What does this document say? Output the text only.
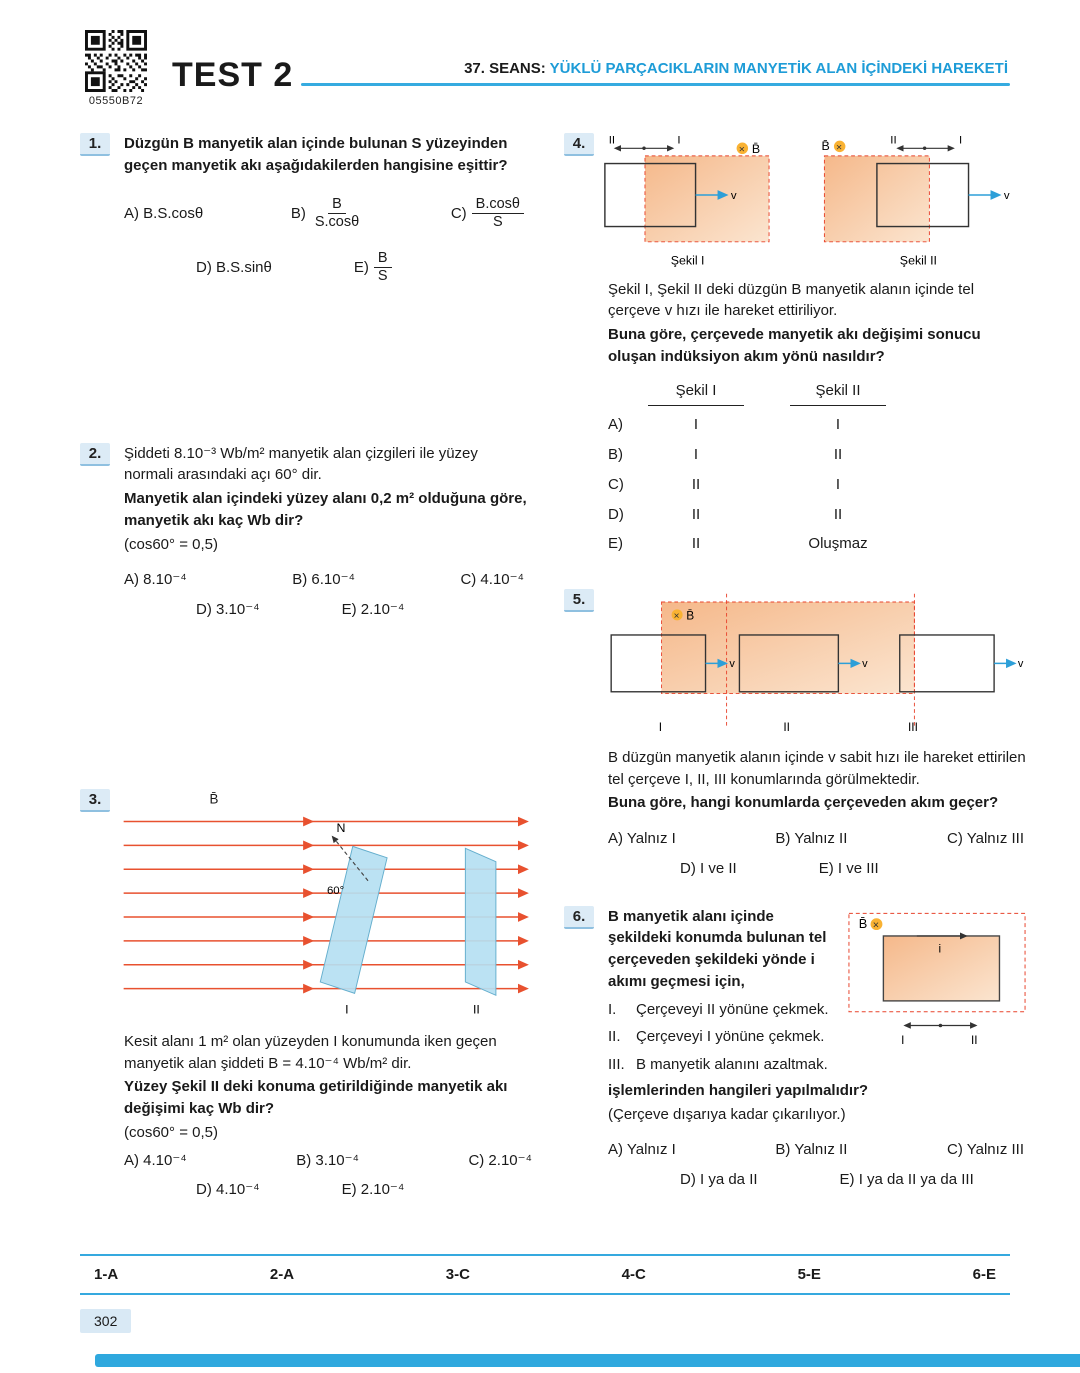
05550B72
TEST 2	37. SEANS: YÜKLÜ PARÇACIKLARIN MANYETİK ALAN İÇİNDEKİ HAREKETİ
1.	Düzgün B manyetik alan içinde bulunan S yüzeyinden geçen manyetik akı aşağıdakilerden hangisine eşittir?
A) B.S.cosθ	$B) \frac{B}{S.\cos\theta}$	$C) \frac{B.\cos\theta}{S}$
D) B.S.sinθ	$E) \frac{B}{S}$
2.	Şiddeti 8.10⁻³ Wb/m² manyetik alan çizgileri ile yüzey normali arasındaki açı 60° dir.
Manyetik alan içindeki yüzey alanı 0,2 m² olduğuna göre, manyetik akı kaç Wb dir?
(cos60° = 0,5)
A) 8.10⁻⁴	B) 6.10⁻⁴	C) 4.10⁻⁴
D) 3.10⁻⁴	E) 2.10⁻⁴
3.	B̄
N
60°
I	II
Kesit alanı 1 m² olan yüzeyden I konumunda iken geçen manyetik alan şiddeti B = 4.10⁻⁴ Wb/m² dir.
Yüzey Şekil II deki konuma getirildiğinde manyetik akı değişimi kaç Wb dir?
(cos60° = 0,5)
A) 4.10⁻⁴	B) 3.10⁻⁴	C) 2.10⁻⁴
D) 4.10⁻⁴	E) 2.10⁻⁴
4.	× B̄
v
II	I
Şekil I
B̄ ×
v
II	I
Şekil II
Şekil I, Şekil II deki düzgün B manyetik alanın içinde tel çerçeve v hızı ile hareket ettiriliyor.
Buna göre, çerçevede manyetik akı değişimi sonucu oluşan indüksiyon akım yönü nasıldır?
Şekil I	Şekil II
A)	I	I
B)	I	II
C)	II	I
D)	II	II
E)	II	Oluşmaz
5.
× B̄
v	v	v
I	II	III
B düzgün manyetik alanın içinde v sabit hızı ile hareket ettirilen tel çerçeve I, II, III konumlarında görülmektedir.
Buna göre, hangi konumlarda çerçeveden akım geçer?
A) Yalnız I	B) Yalnız II	C) Yalnız III
D) I ve II	E) I ve III
6.	B manyetik alanı içinde şekildeki konumda bulunan tel çerçeveden şekildeki yönde i akımı geçmesi için,
I.	Çerçeveyi II yönüne çekmek.
II.	Çerçeveyi I yönüne çekmek.
B̄ ×
i
I	II
III. B manyetik alanını azaltmak.
işlemlerinden hangileri yapılmalıdır?
(Çerçeve dışarıya kadar çıkarılıyor.)
A) Yalnız I	B) Yalnız II	C) Yalnız III
D) I ya da II	E) I ya da II ya da III
1-A	2-A	3-C	4-C	5-E	6-E
302
